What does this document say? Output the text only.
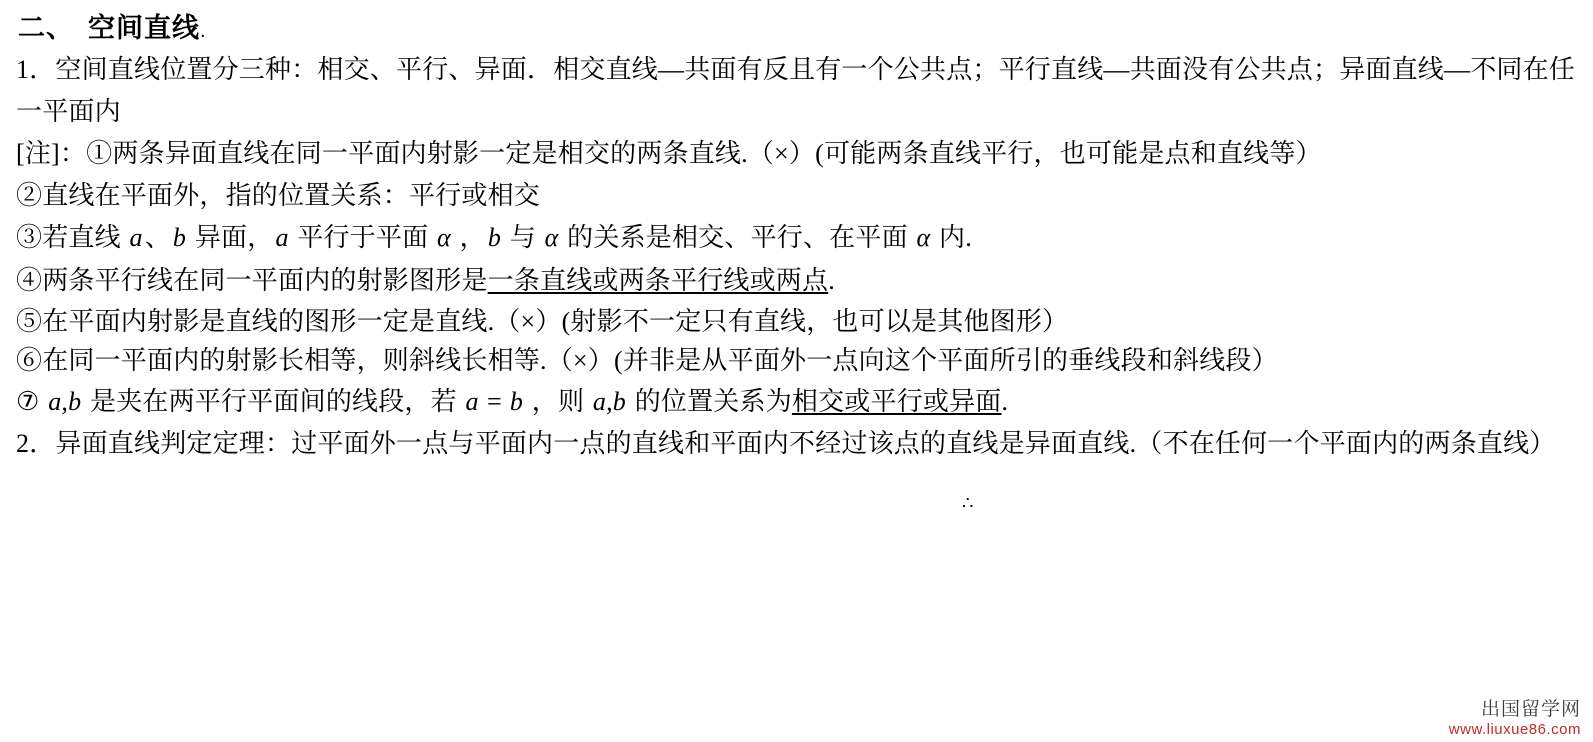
二、 空间直线.

1．空间直线位置分三种：相交、平行、异面．相交直线—共面有反且有一个公共点；平行直线—共面没有公共点；异面直线—不同在任一平面内

[注]：①两条异面直线在同一平面内射影一定是相交的两条直线.（×）(可能两条直线平行，也可能是点和直线等）

②直线在平面外，指的位置关系：平行或相交

③若直线 a、b 异面，a 平行于平面 α ，b 与 α 的关系是相交、平行、在平面 α 内.

④两条平行线在同一平面内的射影图形是一条直线或两条平行线或两点.

⑤在平面内射影是直线的图形一定是直线.（×）(射影不一定只有直线，也可以是其他图形）

⑥在同一平面内的射影长相等，则斜线长相等.（×）(并非是从平面外一点向这个平面所引的垂线段和斜线段）

⑦ a,b 是夹在两平行平面间的线段，若 a = b ，则 a,b 的位置关系为相交或平行或异面.

2．异面直线判定定理：过平面外一点与平面内一点的直线和平面内不经过该点的直线是异面直线.（不在任何一个平面内的两条直线）

∴
出国留学网
www.liuxue86.com
